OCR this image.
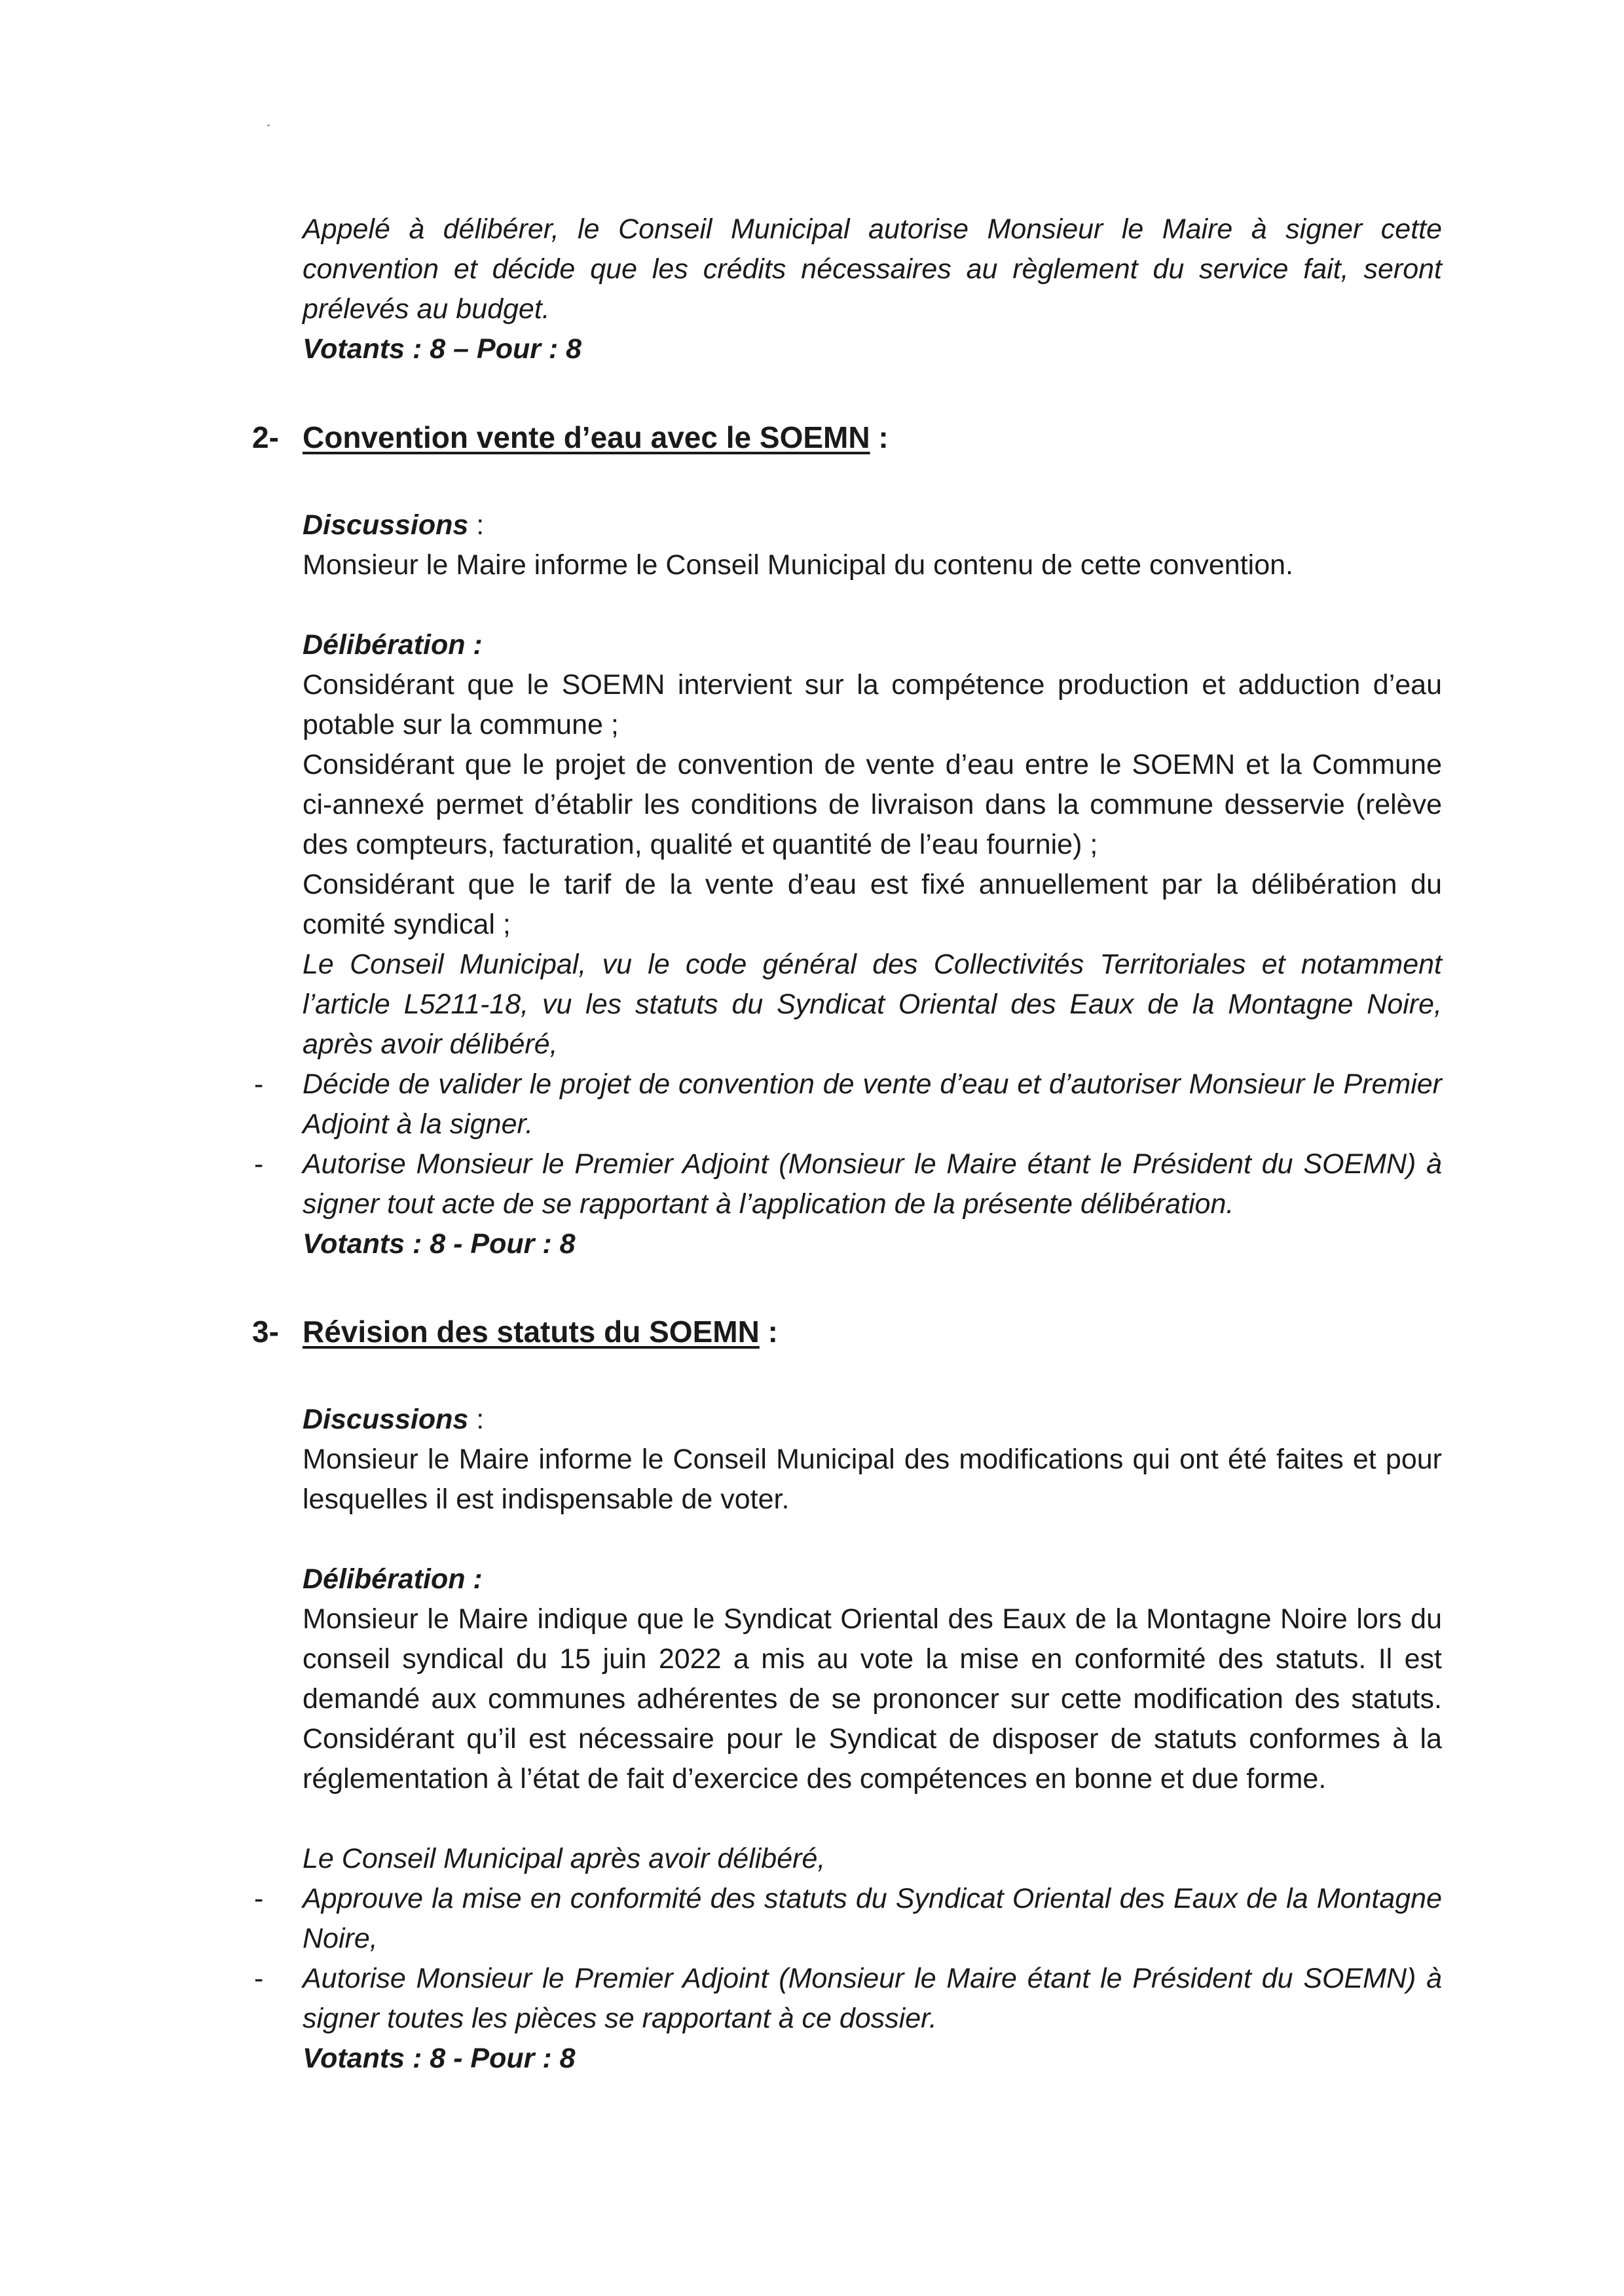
Appelé à délibérer, le Conseil Municipal autorise Monsieur le Maire à signer cette convention et décide que les crédits nécessaires au règlement du service fait, seront prélevés au budget.
Votants : 8 – Pour : 8
2- Convention vente d’eau avec le SOEMN :
Discussions :
Monsieur le Maire informe le Conseil Municipal du contenu de cette convention.
Délibération :
Considérant que le SOEMN intervient sur la compétence production et adduction d’eau potable sur la commune ;
Considérant que le projet de convention de vente d’eau entre le SOEMN et la Commune ci-annexé permet d’établir les conditions de livraison dans la commune desservie (relève des compteurs, facturation, qualité et quantité de l’eau fournie) ;
Considérant que le tarif de la vente d’eau est fixé annuellement par la délibération du comité syndical ;
Le Conseil Municipal, vu le code général des Collectivités Territoriales et notamment l’article L5211-18, vu les statuts du Syndicat Oriental des Eaux de la Montagne Noire, après avoir délibéré,
- Décide de valider le projet de convention de vente d’eau et d’autoriser Monsieur le Premier Adjoint à la signer.
- Autorise Monsieur le Premier Adjoint (Monsieur le Maire étant le Président du SOEMN) à signer tout acte de se rapportant à l’application de la présente délibération.
Votants : 8 - Pour : 8
3- Révision des statuts du SOEMN :
Discussions :
Monsieur le Maire informe le Conseil Municipal des modifications qui ont été faites et pour lesquelles il est indispensable de voter.
Délibération :
Monsieur le Maire indique que le Syndicat Oriental des Eaux de la Montagne Noire lors du conseil syndical du 15 juin 2022 a mis au vote la mise en conformité des statuts. Il est demandé aux communes adhérentes de se prononcer sur cette modification des statuts. Considérant qu’il est nécessaire pour le Syndicat de disposer de statuts conformes à la réglementation à l’état de fait d’exercice des compétences en bonne et due forme.
Le Conseil Municipal après avoir délibéré,
- Approuve la mise en conformité des statuts du Syndicat Oriental des Eaux de la Montagne Noire,
- Autorise Monsieur le Premier Adjoint (Monsieur le Maire étant le Président du SOEMN) à signer toutes les pièces se rapportant à ce dossier.
Votants : 8 - Pour : 8
